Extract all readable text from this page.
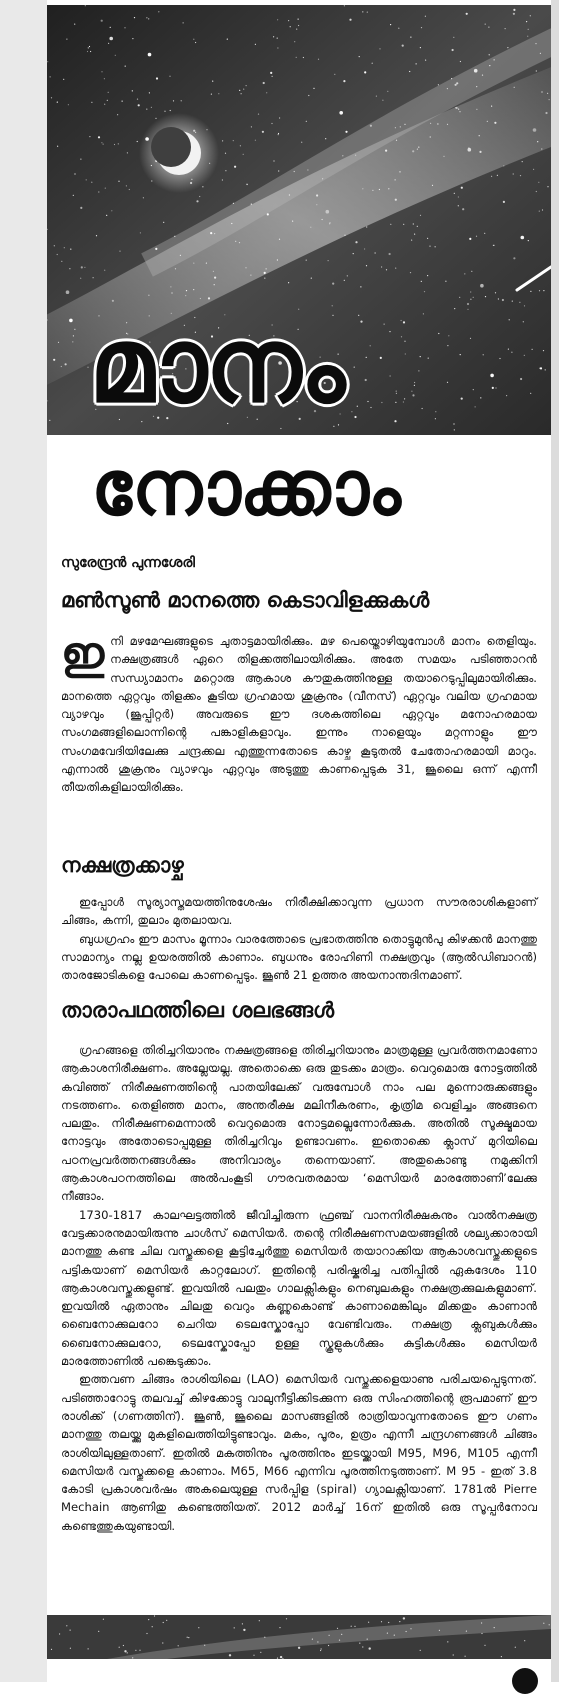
മാനം
നോക്കാം
സുരേന്ദ്രൻ പുന്നശേരി
മൺസൂൺ മാനത്തെ കെടാവിളക്കുകൾ

ഇനി മഴമേഘങ്ങളുടെ ചുതാട്ടമായിരിക്കും. മഴ പെയ്തൊഴിയുമ്പോൾ മാനം തെളിയും. നക്ഷത്രങ്ങൾ ഏറെ തിളക്കത്തിലായിരിക്കും. അതേ സമയം പടിഞ്ഞാറൻ സന്ധ്യാമാനം മറ്റൊരു ആകാശ കൗതുകത്തിനുള്ള തയാറെടുപ്പിലുമായിരിക്കും. മാനത്തെ ഏറ്റവും തിളക്കം കൂടിയ ഗ്രഹമായ ശുക്രനും (വീനസ്) ഏറ്റവും വലിയ ഗ്രഹമായ വ്യാഴവും (ജൂപ്പിറ്റർ) അവരുടെ ഈ ദശകത്തിലെ ഏറ്റവും മനോഹരമായ സംഗമങ്ങളിലൊന്നിന്റെ പങ്കാളികളാവും. ഇന്നും നാളെയും മറ്റന്നാളും ഈ സംഗമവേദിയിലേക്കു ചന്ദ്രക്കല എത്തുന്നതോടെ കാഴ്ച കൂടുതൽ ചേതോഹരമായി മാറും. എന്നാൽ ശുക്രനും വ്യാഴവും ഏറ്റവും അടുത്തു കാണപ്പെടുക 31, ജൂലൈ ഒന്ന് എന്നീ തീയതികളിലായിരിക്കും.

നക്ഷത്രക്കാഴ്ച

ഇപ്പോൾ സൂര്യാസ്തമയത്തിനുശേഷം നിരീക്ഷിക്കാവുന്ന പ്രധാന സൗരരാശികളാണ് ചിങ്ങം, കന്നി, തുലാം മുതലായവ.

ബുധഗ്രഹം ഈ മാസം മൂന്നാം വാരത്തോടെ പ്രഭാതത്തിനു തൊട്ടുമുൻപു കിഴക്കൻ മാനത്തു സാമാന്യം നല്ല ഉയരത്തിൽ കാണാം. ബുധനും രോഹിണി നക്ഷത്രവും (ആൽഡിബാറൻ) താരജോടികളെ പോലെ കാണപ്പെടും. ജൂൺ 21 ഉത്തര അയനാന്തദിനമാണ്.

താരാപഥത്തിലെ ശലഭങ്ങൾ

ഗ്രഹങ്ങളെ തിരിച്ചറിയാനും നക്ഷത്രങ്ങളെ തിരിച്ചറിയാനും മാത്രമുള്ള പ്രവർത്തനമാണോ ആകാശനിരീക്ഷണം. അല്ലേയല്ല. അതൊക്കെ ഒരു തുടക്കം മാത്രം. വെറുമൊരു നോട്ടത്തിൽ കവിഞ്ഞ് നിരീക്ഷണത്തിന്റെ പാതയിലേക്ക് വരുമ്പോൾ നാം പല മുന്നൊരുക്കങ്ങളും നടത്തണം. തെളിഞ്ഞ മാനം, അന്തരീക്ഷ മലിനീകരണം, കൃത്രിമ വെളിച്ചം അങ്ങനെ പലതും. നിരീക്ഷണമെന്നാൽ വെറുമൊരു നോട്ടമല്ലെന്നോർക്കുക. അതിൽ സൂക്ഷ്മമായ നോട്ടവും അതോടൊപ്പമുള്ള തിരിച്ചറിവും ഉണ്ടാവണം. ഇതൊക്കെ ക്ലാസ് മുറിയിലെ പഠനപ്രവർത്തനങ്ങൾക്കും അനിവാര്യം തന്നെയാണ്. അതുകൊണ്ടു നമുക്കിനി ആകാശപഠനത്തിലെ അൽപംകൂടി ഗൗരവതരമായ ‘മെസിയർ മാരത്തോണി’ലേക്കു നീങ്ങാം.

1730-1817 കാലഘട്ടത്തിൽ ജീവിച്ചിരുന്ന ഫ്രഞ്ച് വാനനിരീക്ഷകനും വാൽനക്ഷത്ര വേട്ടക്കാരനുമായിരുന്നു ചാൾസ് മെസിയർ. തന്റെ നിരീക്ഷണസമയങ്ങളിൽ ശല്യക്കാരായി മാനത്തു കണ്ട ചില വസ്തുക്കളെ കൂട്ടിച്ചേർത്തു മെസിയർ തയാറാക്കിയ ആകാശവസ്തുക്കളുടെ പട്ടികയാണ് മെസിയർ കാറ്റലോഗ്. ഇതിന്റെ പരിഷ്കരിച്ച പതിപ്പിൽ ഏകദേശം 110 ആകാശവസ്തുക്കളുണ്ട്. ഇവയിൽ പലതും ഗാലക്സികളും നെബുലകളും നക്ഷത്രക്കുലകളുമാണ്. ഇവയിൽ ഏതാനും ചിലതു വെറും കണ്ണുകൊണ്ട് കാണാമെങ്കിലും മിക്കതും കാണാൻ ബൈനോക്കുലറോ ചെറിയ ടെലസ്കോപ്പോ വേണ്ടിവരും. നക്ഷത്ര ക്ലബുകൾക്കും ബൈനോക്കുലറോ, ടെലസ്കോപ്പോ ഉള്ള സ്കൂളുകൾക്കും കുട്ടികൾക്കും മെസിയർ മാരത്തോണിൽ പങ്കെടുക്കാം.

ഇത്തവണ ചിങ്ങം രാശിയിലെ (LAO) മെസിയർ വസ്തുക്കളെയാണു പരിചയപ്പെടുന്നത്. പടിഞ്ഞാറോട്ടു തലവച്ച് കിഴക്കോട്ടു വാലുനീട്ടിക്കിടക്കുന്ന ഒരു സിംഹത്തിന്റെ രൂപമാണ് ഈ രാശിക്ക് (ഗണത്തിന്). ജൂൺ, ജൂലൈ മാസങ്ങളിൽ രാത്രിയാവുന്നതോടെ ഈ ഗണം മാനത്തു തലയ്ക്കു മുകളിലെത്തിയിട്ടുണ്ടാവും. മകം, പൂരം, ഉത്രം എന്നീ ചന്ദ്രഗണങ്ങൾ ചിങ്ങം രാശിയിലുള്ളതാണ്. ഇതിൽ മകത്തിനും പൂരത്തിനും ഇടയ്ക്കായി M95, M96, M105 എന്നീ മെസിയർ വസ്തുക്കളെ കാണാം. M65, M66 എന്നിവ പൂരത്തിനടുത്താണ്. M 95 - ഇത് 3.8 കോടി പ്രകാശവർഷം അകലെയുള്ള സർപ്പിള (spiral) ഗ്യാലക്സിയാണ്. 1781ൽ Pierre Mechain ആണിതു കണ്ടെത്തിയത്. 2012 മാർച്ച് 16ന് ഇതിൽ ഒരു സൂപ്പർനോവ കണ്ടെത്തുകയുണ്ടായി.
